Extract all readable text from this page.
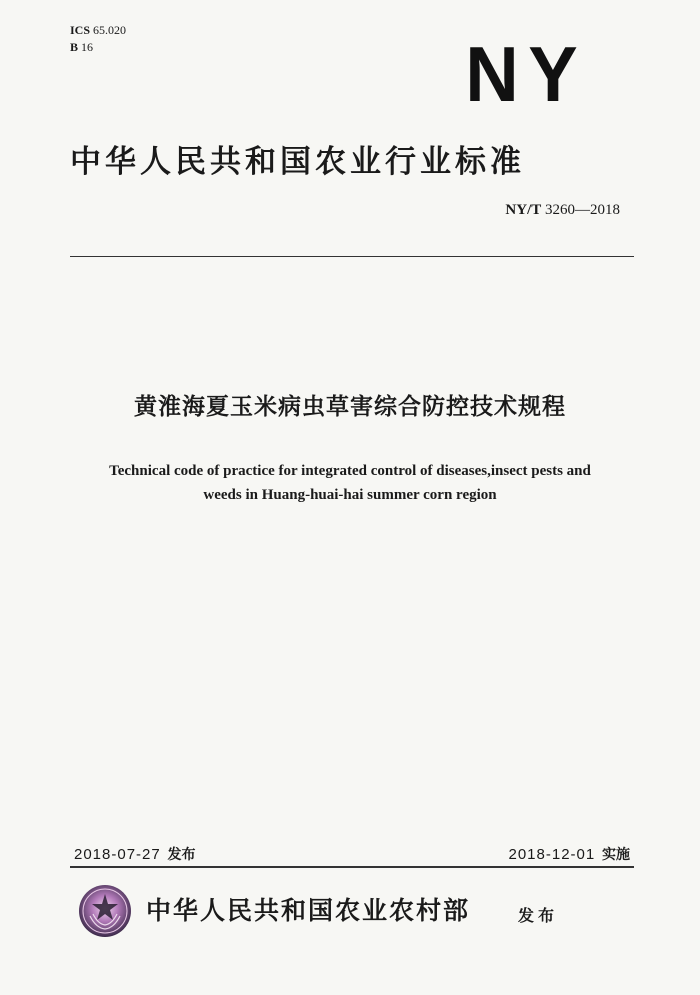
ICS 65.020
B 16	NY
中华人民共和国农业行业标准
NY/T 3260—2018
黄淮海夏玉米病虫草害综合防控技术规程
Technical code of practice for integrated control of diseases,insect pests and
weeds in Huang-huai-hai summer corn region
2018-07-27 发布	2018-12-01 实施
中华人民共和国农业农村部	发布
